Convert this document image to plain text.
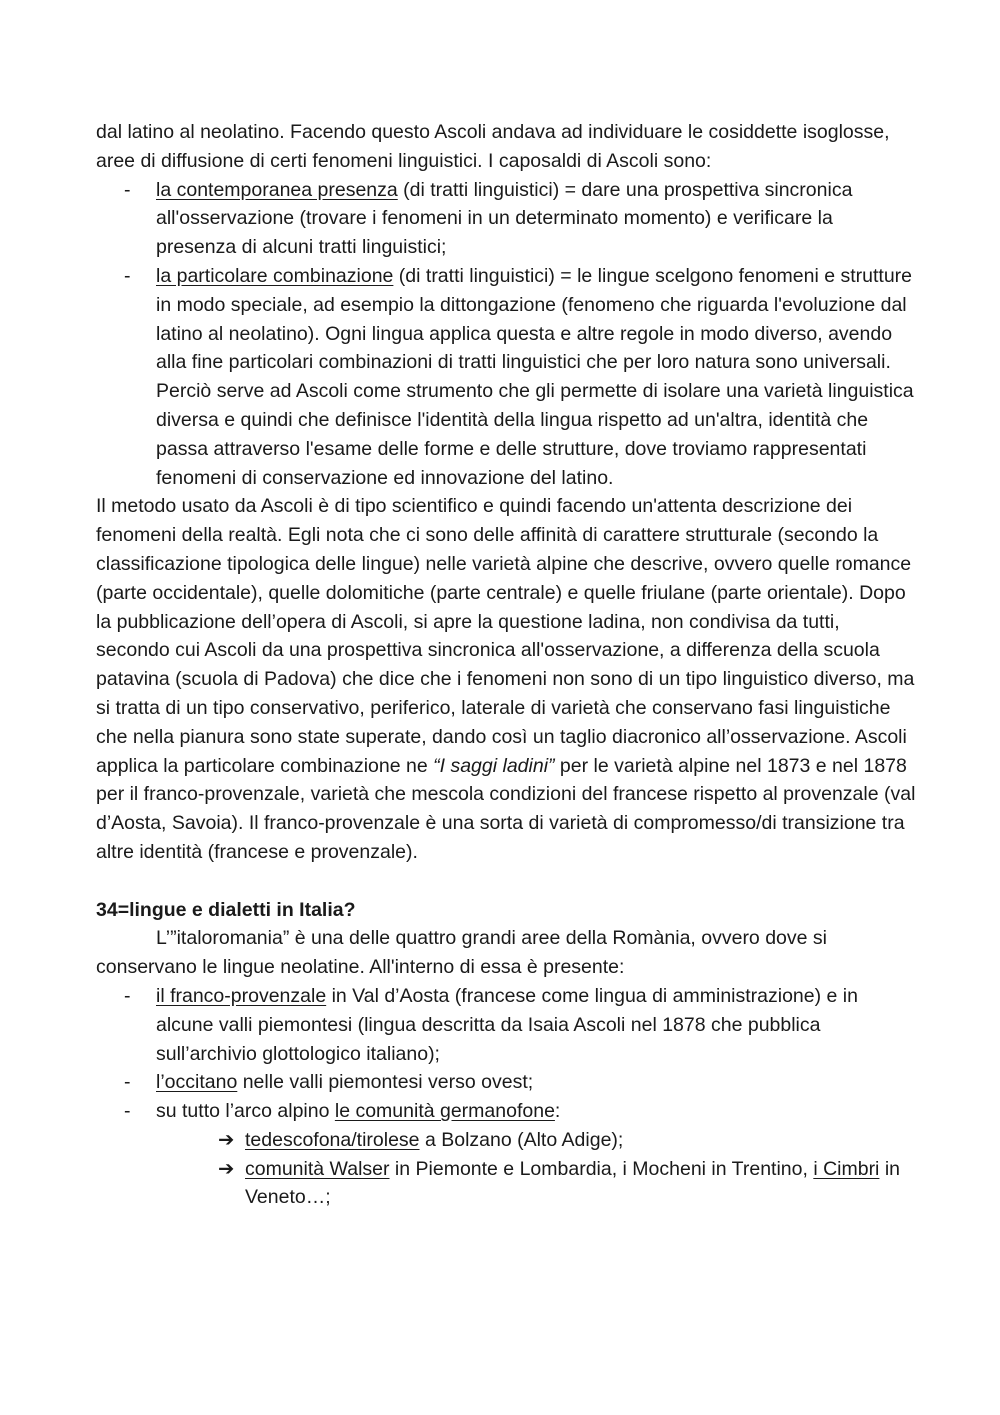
dal latino al neolatino. Facendo questo Ascoli andava ad individuare le cosiddette isoglosse, aree di diffusione di certi fenomeni linguistici. I caposaldi di Ascoli sono:

- la contemporanea presenza (di tratti linguistici) = dare una prospettiva sincronica all'osservazione (trovare i fenomeni in un determinato momento) e verificare la presenza di alcuni tratti linguistici;
- la particolare combinazione (di tratti linguistici) = le lingue scelgono fenomeni e strutture in modo speciale, ad esempio la dittongazione (fenomeno che riguarda l'evoluzione dal latino al neolatino). Ogni lingua applica questa e altre regole in modo diverso, avendo alla fine particolari combinazioni di tratti linguistici che per loro natura sono universali. Perciò serve ad Ascoli come strumento che gli permette di isolare una varietà linguistica diversa e quindi che definisce l'identità della lingua rispetto ad un'altra, identità che passa attraverso l'esame delle forme e delle strutture, dove troviamo rappresentati fenomeni di conservazione ed innovazione del latino.

Il metodo usato da Ascoli è di tipo scientifico e quindi facendo un'attenta descrizione dei fenomeni della realtà. Egli nota che ci sono delle affinità di carattere strutturale (secondo la classificazione tipologica delle lingue) nelle varietà alpine che descrive, ovvero quelle romance (parte occidentale), quelle dolomitiche (parte centrale) e quelle friulane (parte orientale). Dopo la pubblicazione dell’opera di Ascoli, si apre la questione ladina, non condivisa da tutti, secondo cui Ascoli da una prospettiva sincronica all'osservazione, a differenza della scuola patavina (scuola di Padova) che dice che i fenomeni non sono di un tipo linguistico diverso, ma si tratta di un tipo conservativo, periferico, laterale di varietà che conservano fasi linguistiche che nella pianura sono state superate, dando così un taglio diacronico all’osservazione. Ascoli applica la particolare combinazione ne “I saggi ladini” per le varietà alpine nel 1873 e nel 1878 per il franco-provenzale, varietà che mescola condizioni del francese rispetto al provenzale (val d’Aosta, Savoia). Il franco-provenzale è una sorta di varietà di compromesso/di transizione tra altre identità (francese e provenzale).

34=lingue e dialetti in Italia?

L’”italoromania” è una delle quattro grandi aree della Romània, ovvero dove si conservano le lingue neolatine. All'interno di essa è presente:

- il franco-provenzale in Val d’Aosta (francese come lingua di amministrazione) e in alcune valli piemontesi (lingua descritta da Isaia Ascoli nel 1878 che pubblica sull’archivio glottologico italiano);
- l’occitano nelle valli piemontesi verso ovest;
- su tutto l’arco alpino le comunità germanofone:
➔ tedescofona/tirolese a Bolzano (Alto Adige);
➔ comunità Walser in Piemonte e Lombardia, i Mocheni in Trentino, i Cimbri in Veneto…;
